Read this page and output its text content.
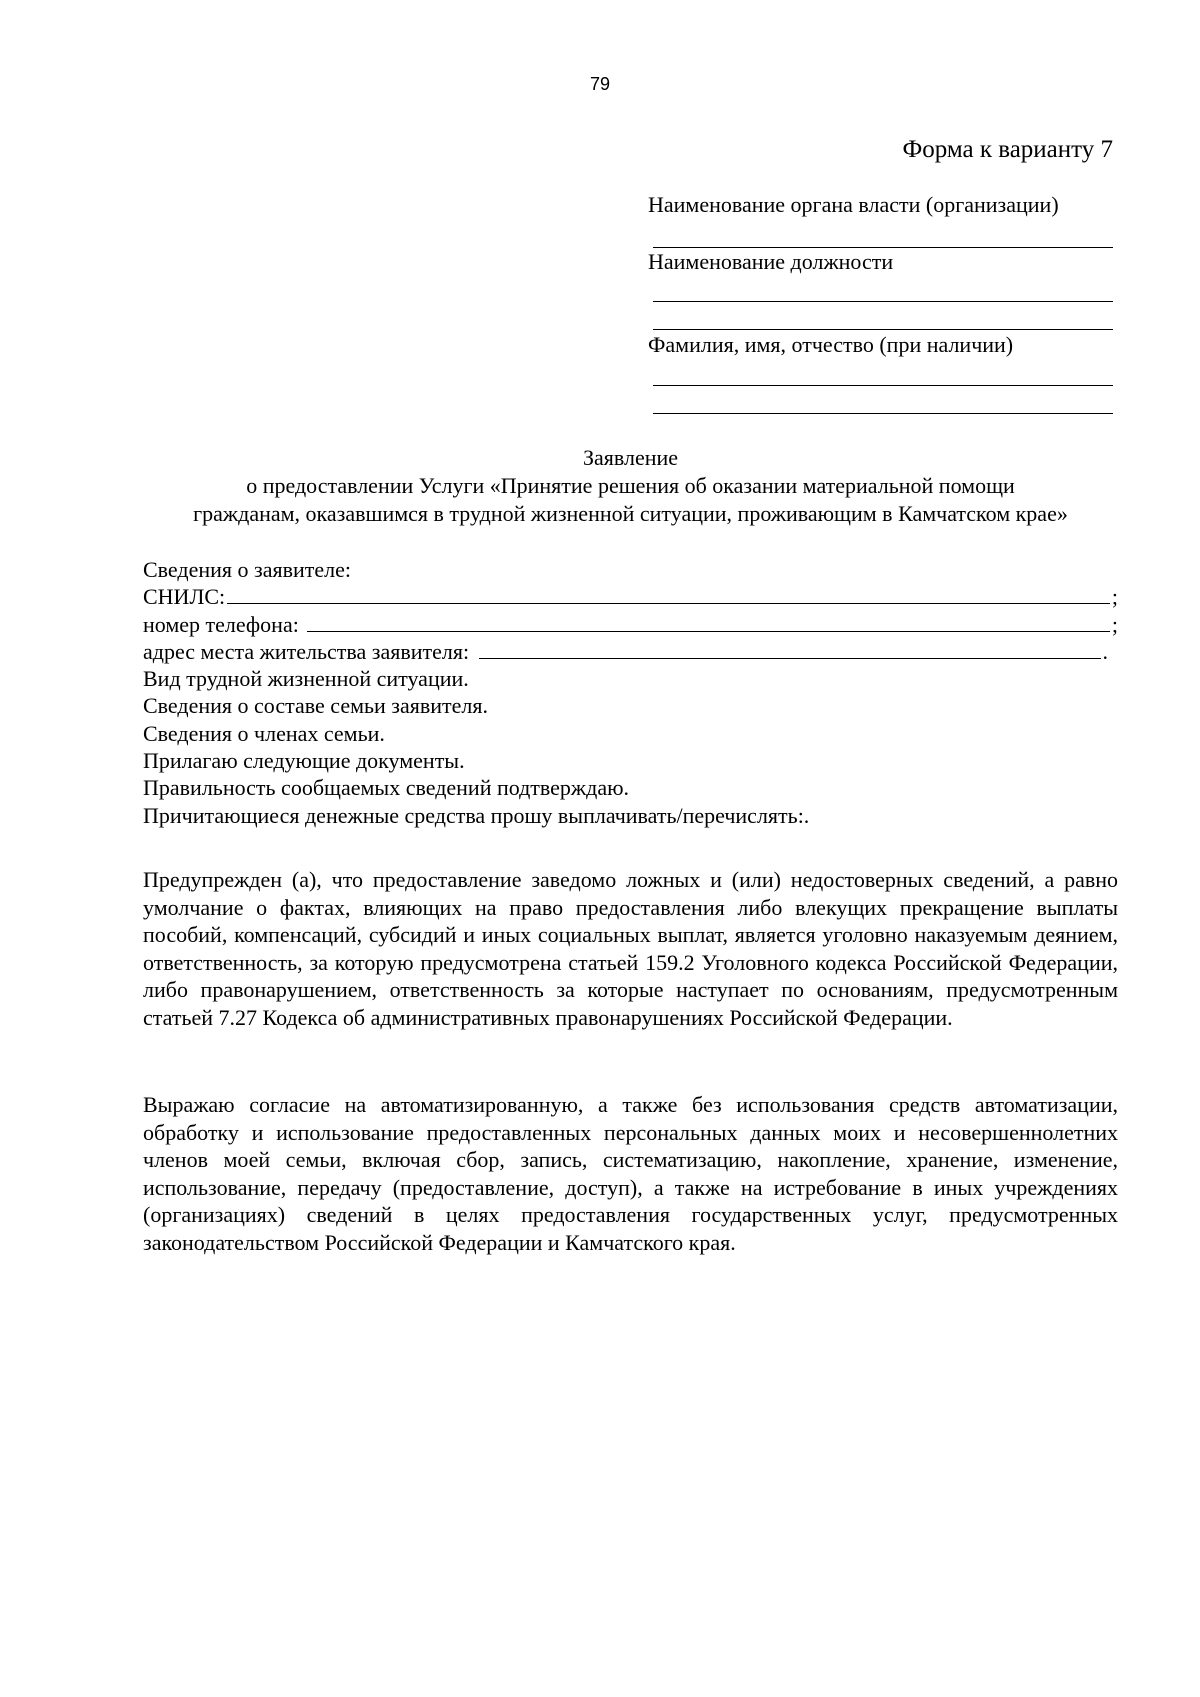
79
Форма к варианту 7
Наименование органа власти (организации)
Наименование должности
Фамилия, имя, отчество (при наличии)
Заявление
о предоставлении Услуги «Принятие решения об оказании материальной помощи
гражданам, оказавшимся в трудной жизненной ситуации, проживающим в Камчатском крае»
Сведения о заявителе:
СНИЛС:	;
номер телефона:	;
адрес места жительства заявителя:	.
Вид трудной жизненной ситуации.
Сведения о составе семьи заявителя.
Сведения о членах семьи.
Прилагаю следующие документы.
Правильность сообщаемых сведений подтверждаю.
Причитающиеся денежные средства прошу выплачивать/перечислять:.
Предупрежден (а), что предоставление заведомо ложных и (или) недостоверных сведений, а равно умолчание о фактах, влияющих на право предоставления либо влекущих прекращение выплаты пособий, компенсаций, субсидий и иных социальных выплат, является уголовно наказуемым деянием, ответственность, за которую предусмотрена статьей 159.2 Уголовного кодекса Российской Федерации, либо правонарушением, ответственность за которые наступает по основаниям, предусмотренным статьей 7.27 Кодекса об административных правонарушениях Российской Федерации.
Выражаю согласие на автоматизированную, а также без использования средств автоматизации, обработку и использование предоставленных персональных данных моих и несовершеннолетних членов моей семьи, включая сбор, запись, систематизацию, накопление, хранение, изменение, использование, передачу (предоставление, доступ), а также на истребование в иных учреждениях (организациях) сведений в целях предоставления государственных услуг, предусмотренных законодательством Российской Федерации и Камчатского края.
